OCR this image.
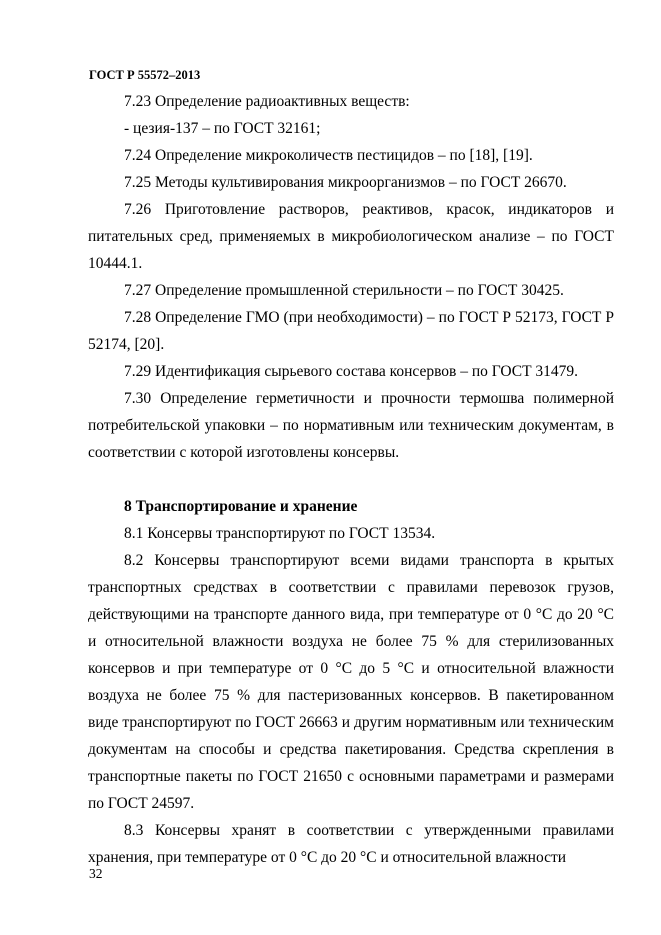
ГОСТ Р 55572–2013

7.23 Определение радиоактивных веществ:

- цезия-137 – по ГОСТ 32161;

7.24 Определение микроколичеств пестицидов – по [18], [19].

7.25 Методы культивирования микроорганизмов – по ГОСТ 26670.

7.26 Приготовление растворов, реактивов, красок, индикаторов и питательных сред, применяемых в микробиологическом анализе – по ГОСТ 10444.1.

7.27 Определение промышленной стерильности – по ГОСТ 30425.

7.28 Определение ГМО (при необходимости) – по ГОСТ Р 52173, ГОСТ Р 52174, [20].

7.29 Идентификация сырьевого состава консервов – по ГОСТ 31479.

7.30 Определение герметичности и прочности термошва полимерной потребительской упаковки – по нормативным или техническим документам, в соответствии с которой изготовлены консервы.

8 Транспортирование и хранение

8.1 Консервы транспортируют по ГОСТ 13534.

8.2 Консервы транспортируют всеми видами транспорта в крытых транспортных средствах в соответствии с правилами перевозок грузов, действующими на транспорте данного вида, при температуре от 0 °С до 20 °С и относительной влажности воздуха не более 75 % для стерилизованных консервов и при температуре от 0 °С до 5 °С и относительной влажности воздуха не более 75 % для пастеризованных консервов. В пакетированном виде транспортируют по ГОСТ 26663 и другим нормативным или техническим документам на способы и средства пакетирования. Средства скрепления в транспортные пакеты по ГОСТ 21650 с основными параметрами и размерами по ГОСТ 24597.

8.3 Консервы хранят в соответствии с утвержденными правилами хранения, при температуре от 0 °С до 20 °С и относительной влажности

32
